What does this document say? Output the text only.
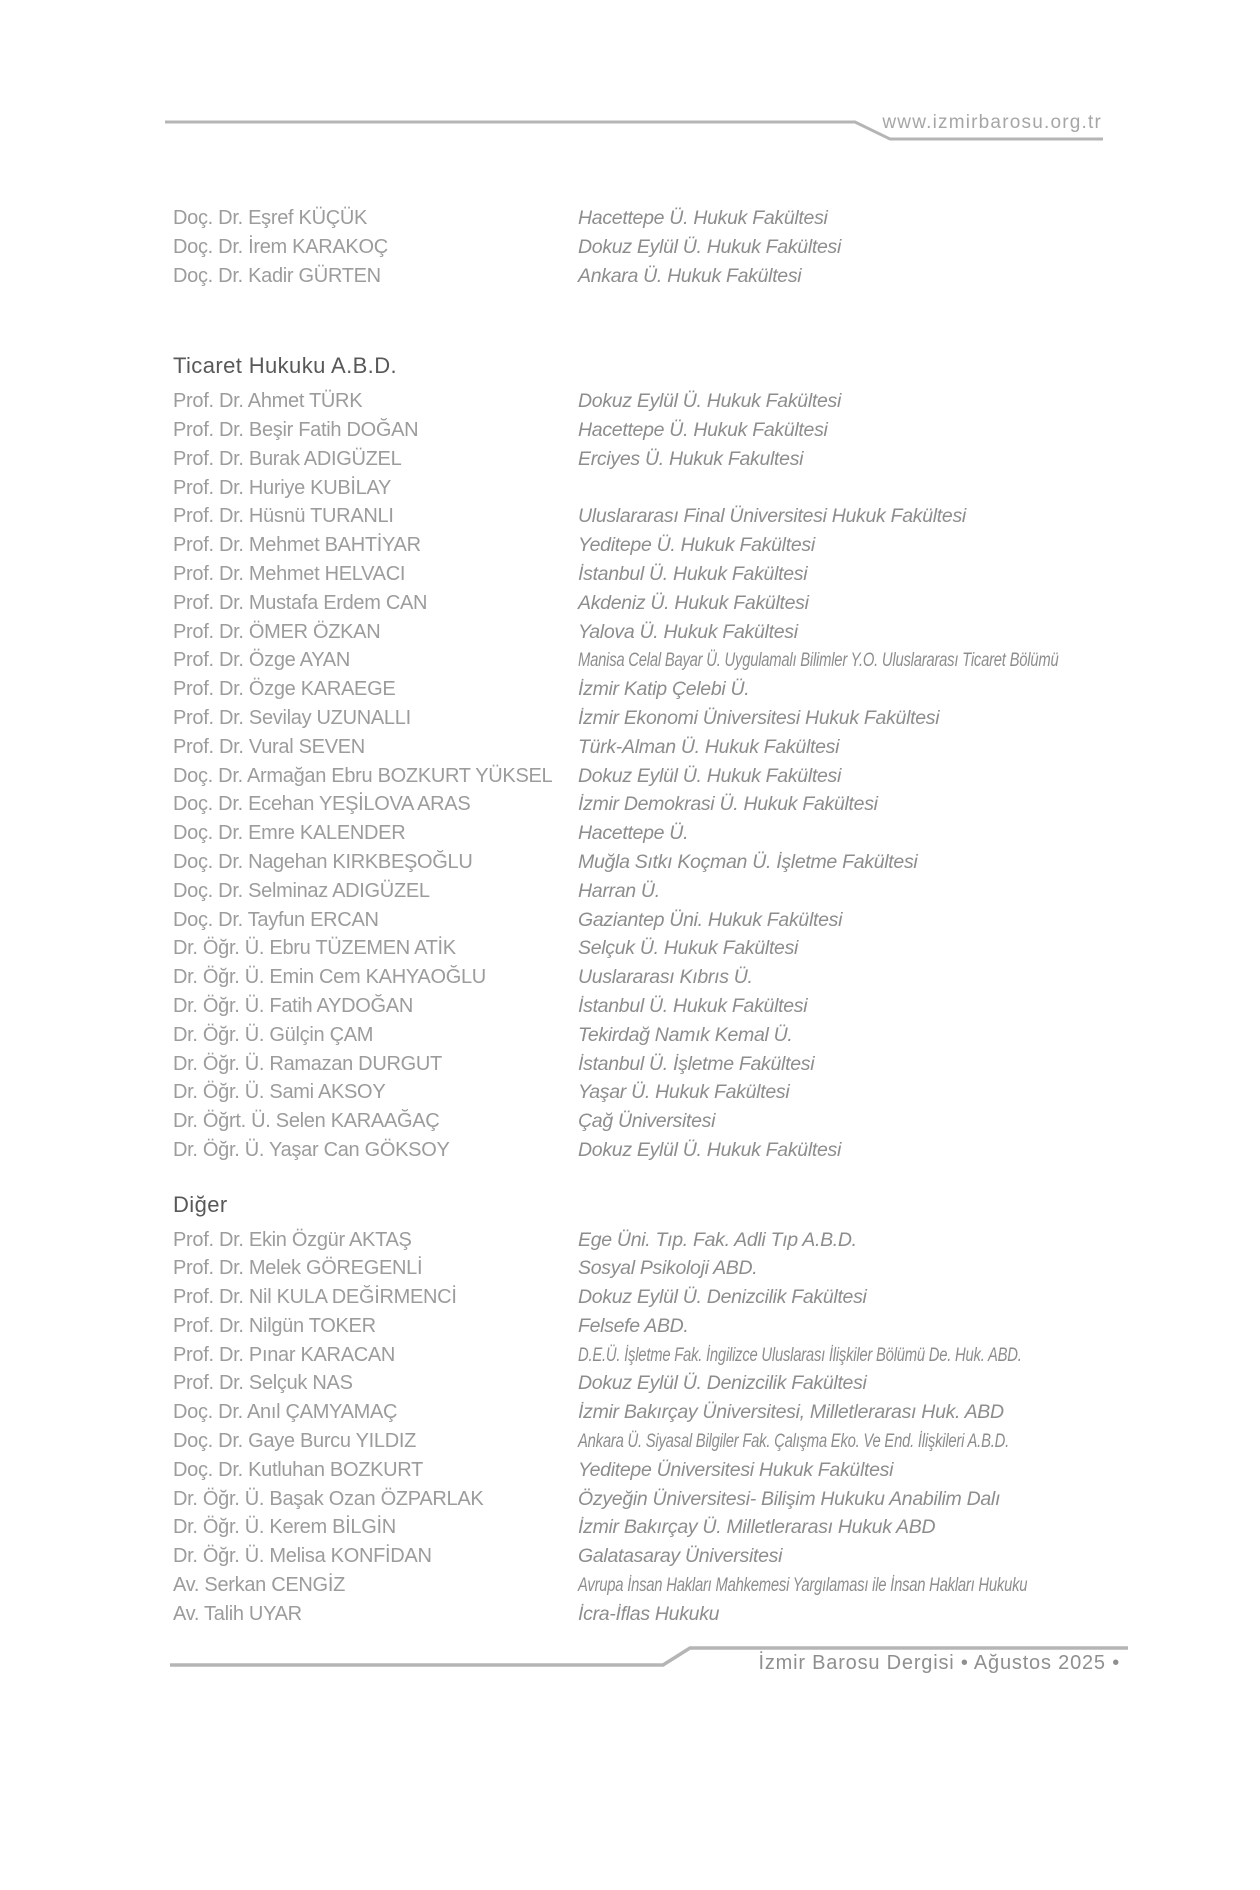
www.izmirbarosu.org.tr
Doç. Dr. Eşref KÜÇÜK	Hacettepe Ü. Hukuk Fakültesi
Doç. Dr. İrem KARAKOÇ	Dokuz Eylül Ü. Hukuk Fakültesi
Doç. Dr. Kadir GÜRTEN	Ankara Ü. Hukuk Fakültesi
Ticaret Hukuku A.B.D.
Prof. Dr. Ahmet TÜRK	Dokuz Eylül Ü. Hukuk Fakültesi
Prof. Dr. Beşir Fatih DOĞAN	Hacettepe Ü. Hukuk Fakültesi
Prof. Dr. Burak ADIGÜZEL	Erciyes Ü. Hukuk Fakultesi
Prof. Dr. Huriye KUBİLAY
Prof. Dr. Hüsnü TURANLI	Uluslararası Final Üniversitesi Hukuk Fakültesi
Prof. Dr. Mehmet BAHTİYAR	Yeditepe Ü. Hukuk Fakültesi
Prof. Dr. Mehmet HELVACI	İstanbul Ü. Hukuk Fakültesi
Prof. Dr. Mustafa Erdem CAN	Akdeniz Ü. Hukuk Fakültesi
Prof. Dr. ÖMER ÖZKAN	Yalova Ü. Hukuk Fakültesi
Prof. Dr. Özge AYAN	Manisa Celal Bayar Ü. Uygulamalı Bilimler Y.O. Uluslararası Ticaret Bölümü
Prof. Dr. Özge KARAEGE	İzmir Katip Çelebi Ü.
Prof. Dr. Sevilay UZUNALLI	İzmir Ekonomi Üniversitesi Hukuk Fakültesi
Prof. Dr. Vural SEVEN	Türk-Alman Ü. Hukuk Fakültesi
Doç. Dr. Armağan Ebru BOZKURT YÜKSEL	Dokuz Eylül Ü. Hukuk Fakültesi
Doç. Dr. Ecehan YEŞİLOVA ARAS	İzmir Demokrasi Ü. Hukuk Fakültesi
Doç. Dr. Emre KALENDER	Hacettepe Ü.
Doç. Dr. Nagehan KIRKBEŞOĞLU	Muğla Sıtkı Koçman Ü. İşletme Fakültesi
Doç. Dr. Selminaz ADIGÜZEL	Harran Ü.
Doç. Dr. Tayfun ERCAN	Gaziantep Üni. Hukuk Fakültesi
Dr. Öğr. Ü. Ebru TÜZEMEN ATİK	Selçuk Ü. Hukuk Fakültesi
Dr. Öğr. Ü. Emin Cem KAHYAOĞLU	Uuslararası Kıbrıs Ü.
Dr. Öğr. Ü. Fatih AYDOĞAN	İstanbul Ü. Hukuk Fakültesi
Dr. Öğr. Ü. Gülçin ÇAM	Tekirdağ Namık Kemal Ü.
Dr. Öğr. Ü. Ramazan DURGUT	İstanbul Ü. İşletme Fakültesi
Dr. Öğr. Ü. Sami AKSOY	Yaşar Ü. Hukuk Fakültesi
Dr. Öğrt. Ü. Selen KARAAĞAÇ	Çağ Üniversitesi
Dr. Öğr. Ü. Yaşar Can GÖKSOY	Dokuz Eylül Ü. Hukuk Fakültesi
Diğer
Prof. Dr. Ekin Özgür AKTAŞ	Ege Üni. Tıp. Fak. Adli Tıp A.B.D.
Prof. Dr. Melek GÖREGENLİ	Sosyal Psikoloji ABD.
Prof. Dr. Nil KULA DEĞİRMENCİ	Dokuz Eylül Ü. Denizcilik Fakültesi
Prof. Dr. Nilgün TOKER	Felsefe ABD.
Prof. Dr. Pınar KARACAN	D.E.Ü. İşletme Fak. İngilizce Uluslarası İlişkiler Bölümü De. Huk. ABD.
Prof. Dr. Selçuk NAS	Dokuz Eylül Ü. Denizcilik Fakültesi
Doç. Dr. Anıl ÇAMYAMAÇ	İzmir Bakırçay Üniversitesi, Milletlerarası Huk. ABD
Doç. Dr. Gaye Burcu YILDIZ	Ankara Ü. Siyasal Bilgiler Fak. Çalışma Eko. Ve End. İlişkileri A.B.D.
Doç. Dr. Kutluhan BOZKURT	Yeditepe Üniversitesi Hukuk Fakültesi
Dr. Öğr. Ü. Başak Ozan ÖZPARLAK	Özyeğin Üniversitesi- Bilişim Hukuku Anabilim Dalı
Dr. Öğr. Ü. Kerem BİLGİN	İzmir Bakırçay Ü. Milletlerarası Hukuk ABD
Dr. Öğr. Ü. Melisa KONFİDAN	Galatasaray Üniversitesi
Av. Serkan CENGİZ	Avrupa İnsan Hakları Mahkemesi Yargılaması ile İnsan Hakları Hukuku
Av. Talih UYAR	İcra-İflas Hukuku
İzmir Barosu Dergisi • Ağustos 2025 •
